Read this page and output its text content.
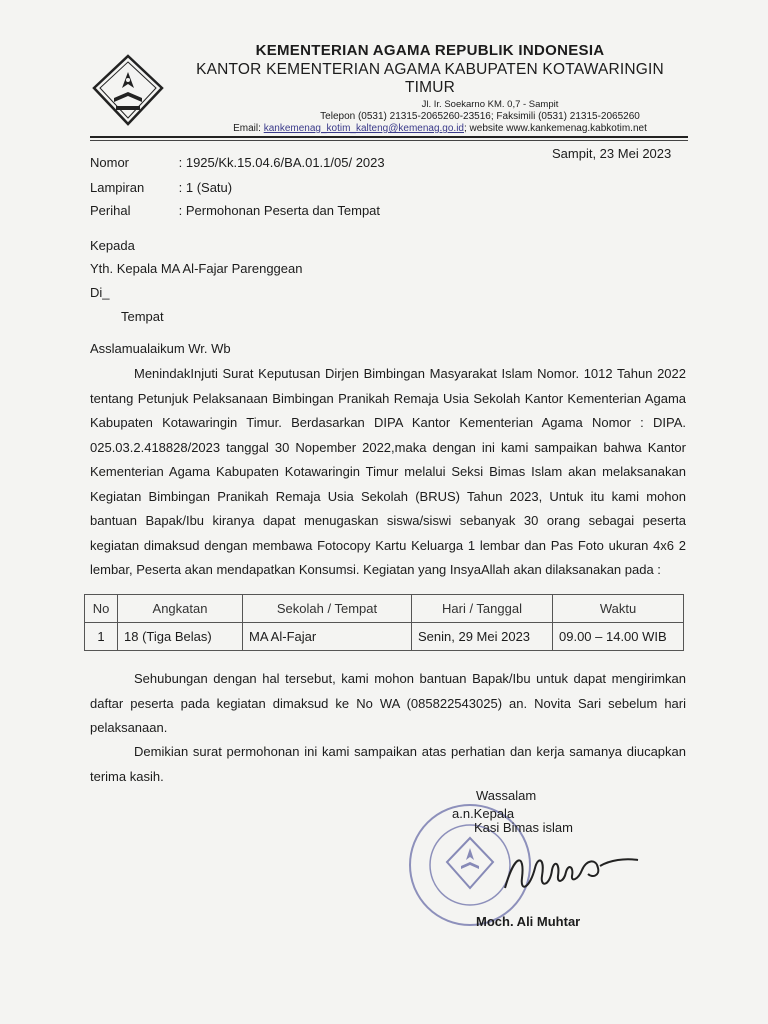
KEMENTERIAN AGAMA REPUBLIK INDONESIA
KANTOR KEMENTERIAN AGAMA KABUPATEN KOTAWARINGIN TIMUR
Jl. Ir. Soekarno KM. 0,7 - Sampit
Telepon (0531) 21315-2065260-23516; Faksimili (0531) 21315-2065260
Email: kankemenag_kotim_kalteng@kemenag.go.id; website www.kankemenag.kabkotim.net
Sampit, 23 Mei 2023
Nomor	: 1925/Kk.15.04.6/BA.01.1/05/ 2023
Lampiran	: 1 (Satu)
Perihal	: Permohonan Peserta dan Tempat
Kepada
Yth. Kepala MA Al-Fajar Parenggean
Di_
Tempat
Asslamualaikum Wr. Wb
MenindakInjuti Surat Keputusan Dirjen Bimbingan Masyarakat Islam Nomor. 1012 Tahun 2022 tentang Petunjuk Pelaksanaan Bimbingan Pranikah Remaja Usia Sekolah Kantor Kementerian Agama Kabupaten Kotawaringin Timur. Berdasarkan DIPA Kantor Kementerian Agama Nomor : DIPA. 025.03.2.418828/2023 tanggal 30 Nopember 2022,maka dengan ini kami sampaikan bahwa Kantor Kementerian Agama Kabupaten Kotawaringin Timur melalui Seksi Bimas Islam akan melaksanakan Kegiatan Bimbingan Pranikah Remaja Usia Sekolah (BRUS) Tahun 2023, Untuk itu kami mohon bantuan Bapak/Ibu kiranya dapat menugaskan siswa/siswi sebanyak 30 orang sebagai peserta kegiatan dimaksud dengan membawa Fotocopy Kartu Keluarga 1 lembar dan Pas Foto ukuran 4x6 2 lembar, Peserta akan mendapatkan Konsumsi. Kegiatan yang InsyaAllah akan dilaksanakan pada :
No	Angkatan	Sekolah / Tempat	Hari / Tanggal	Waktu
1	18 (Tiga Belas)	MA Al-Fajar	Senin, 29 Mei 2023	09.00 – 14.00 WIB
Sehubungan dengan hal tersebut, kami mohon bantuan Bapak/Ibu untuk dapat mengirimkan daftar peserta pada kegiatan dimaksud ke No WA (085822543025) an. Novita Sari sebelum hari pelaksanaan.
Demikian surat permohonan ini kami sampaikan atas perhatian dan kerja samanya diucapkan terima kasih.
Wassalam
a.n.Kepala
Kasi Bimas islam
Moch. Ali Muhtar
